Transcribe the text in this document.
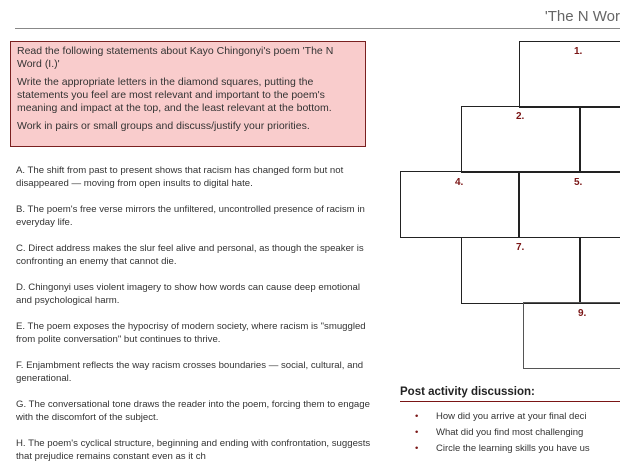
'The N Wor

Read the following statements about Kayo Chingonyi's poem 'The N Word (I.)'

Write the appropriate letters in the diamond squares, putting the statements you feel are most relevant and important to the poem's meaning and impact at the top, and the least relevant at the bottom.

Work in pairs or small groups and discuss/justify your priorities.

A. The shift from past to present shows that racism has changed form but not disappeared — moving from open insults to digital hate.
B. The poem's free verse mirrors the unfiltered, uncontrolled presence of racism in everyday life.
C. Direct address makes the slur feel alive and personal, as though the speaker is confronting an enemy that cannot die.
D. Chingonyi uses violent imagery to show how words can cause deep emotional and psychological harm.
E. The poem exposes the hypocrisy of modern society, where racism is "smuggled from polite conversation" but continues to thrive.
F. Enjambment reflects the way racism crosses boundaries — social, cultural, and generational.
G. The conversational tone draws the reader into the poem, forcing them to engage with the discomfort of the subject.
H. The poem's cyclical structure, beginning and ending with confrontation, suggests that prejudice remains constant even as it ch
1.
2.
4.	5.
7.
9.
Post activity discussion:
• How did you arrive at your final deci
• What did you find most challenging
• Circle the learning skills you have us
